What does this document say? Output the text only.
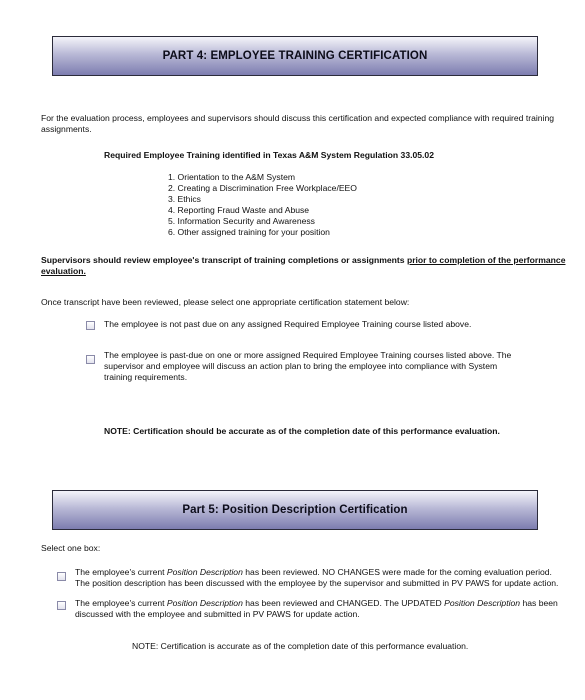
PART 4: EMPLOYEE TRAINING CERTIFICATION
For the evaluation process, employees and supervisors should discuss this certification and expected compliance with required training
assignments.
Required Employee Training identified in Texas A&M System Regulation 33.05.02
1. Orientation to the A&M System
2. Creating a Discrimination Free Workplace/EEO
3. Ethics
4. Reporting Fraud Waste and Abuse
5. Information Security and Awareness
6. Other assigned training for your position
Supervisors should review employee's transcript of training completions or assignments prior to completion of the performance
evaluation.
Once transcript have been reviewed, please select one appropriate certification statement below:
The employee is not past due on any assigned Required Employee Training course listed above.
The employee is past-due on one or more assigned Required Employee Training courses listed above. The
supervisor and employee will discuss an action plan to bring the employee into compliance with System
training requirements.
NOTE: Certification should be accurate as of the completion date of this performance evaluation.
Part 5: Position Description Certification
Select one box:
The employee's current Position Description has been reviewed. NO CHANGES were made for the coming evaluation period.
The position description has been discussed with the employee by the supervisor and submitted in PV PAWS for update action.
The employee's current Position Description has been reviewed and CHANGED. The UPDATED Position Description has been
discussed with the employee and submitted in PV PAWS for update action.
NOTE: Certification is accurate as of the completion date of this performance evaluation.
